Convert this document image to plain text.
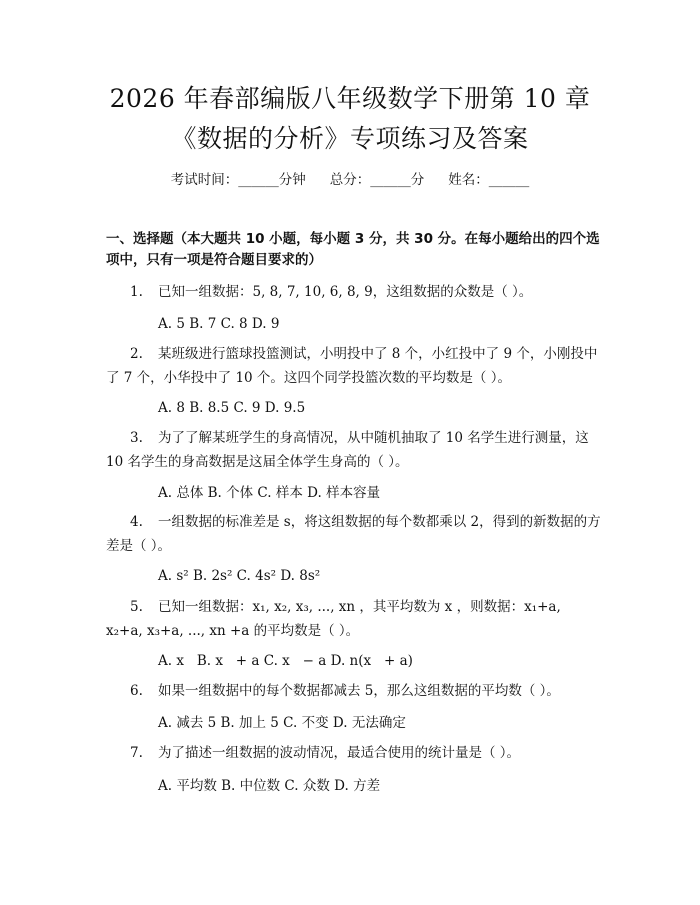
2026 年春部编版八年级数学下册第 10 章
《数据的分析》专项练习及答案
考试时间：______分钟 总分：______分 姓名：______
一、选择题（本大题共 10 小题，每小题 3 分，共 30 分。在每小题给出的四个选项中，只有一项是符合题目要求的）
1. 已知一组数据：5, 8, 7, 10, 6, 8, 9，这组数据的众数是（ ）。
A. 5 B. 7 C. 8 D. 9
2. 某班级进行篮球投篮测试，小明投中了 8 个，小红投中了 9 个，小刚投中了 7 个，小华投中了 10 个。这四个同学投篮次数的平均数是（ ）。
A. 8 B. 8.5 C. 9 D. 9.5
3. 为了了解某班学生的身高情况，从中随机抽取了 10 名学生进行测量，这 10 名学生的身高数据是这届全体学生身高的（ ）。
A. 总体 B. 个体 C. 样本 D. 样本容量
4. 一组数据的标准差是 s，将这组数据的每个数都乘以 2，得到的新数据的方差是（ ）。
A. s² B. 2s² C. 4s² D. 8s²
5. 已知一组数据：x₁, x₂, x₃, ..., xn ，其平均数为 x ，则数据：x₁+a, x₂+a, x₃+a, ..., xn +a 的平均数是（ ）。
A. x   B. x   + a C. x   − a D. n(x   + a)
6. 如果一组数据中的每个数据都减去 5，那么这组数据的平均数（ ）。
A. 减去 5 B. 加上 5 C. 不变 D. 无法确定
7. 为了描述一组数据的波动情况，最适合使用的统计量是（ ）。
A. 平均数 B. 中位数 C. 众数 D. 方差
